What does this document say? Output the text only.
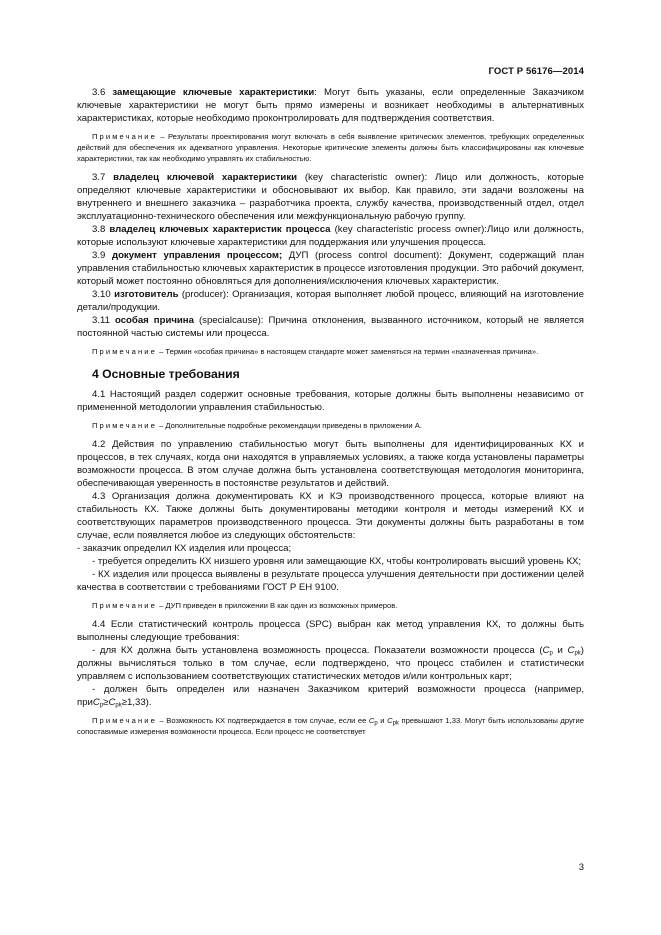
ГОСТ Р 56176—2014

3.6 замещающие ключевые характеристики: Могут быть указаны, если определенные Заказчиком ключевые характеристики не могут быть прямо измерены и возникает необходимы в альтернативных характеристиках, которые необходимо проконтролировать для подтверждения соответствия.

Примечание – Результаты проектирования могут включать в себя выявление критических элементов, требующих определенных действий для обеспечения их адекватного управления. Некоторые критические элементы должны быть классифицированы как ключевые характеристики, так как необходимо управлять их стабильностью.

3.7 владелец ключевой характеристики (key characteristic owner): Лицо или должность, которые определяют ключевые характеристики и обосновывают их выбор. Как правило, эти задачи возложены на внутреннего и внешнего заказчика – разработчика проекта, службу качества, производственный отдел, отдел эксплуатационно-технического обеспечения или межфункциональную рабочую группу.

3.8 владелец ключевых характеристик процесса (key characteristic process owner):Лицо или должность, которые используют ключевые характеристики для поддержания или улучшения процесса.

3.9 документ управления процессом; ДУП (process control document): Документ, содержащий план управления стабильностью ключевых характеристик в процессе изготовления продукции. Это рабочий документ, который может постоянно обновляться для дополнения/исключения ключевых характеристик.

3.10 изготовитель (producer): Организация, которая выполняет любой процесс, влияющий на изготовление детали/продукции.

3.11 особая причина (specialcause): Причина отклонения, вызванного источником, который не является постоянной частью системы или процесса.

Примечание – Термин «особая причина» в настоящем стандарте может заменяться на термин «назначенная причина».

4 Основные требования

4.1 Настоящий раздел содержит основные требования, которые должны быть выполнены независимо от примененной методологии управления стабильностью.

Примечание – Дополнительные подробные рекомендации приведены в приложении А.

4.2 Действия по управлению стабильностью могут быть выполнены для идентифицированных КХ и процессов, в тех случаях, когда они находятся в управляемых условиях, а также когда установлены параметры возможности процесса. В этом случае должна быть установлена соответствующая методология мониторинга, обеспечивающая уверенность в постоянстве результатов и действий.

4.3 Организация должна документировать КХ и КЭ производственного процесса, которые влияют на стабильность КХ. Также должны быть документированы методики контроля и методы измерений КХ и соответствующих параметров производственного процесса. Эти документы должны быть разработаны в том случае, если появляется любое из следующих обстоятельств:

- заказчик определил КХ изделия или процесса;

- требуется определить КХ низшего уровня или замещающие КХ, чтобы контролировать высший уровень КХ;

- КХ изделия или процесса выявлены в результате процесса улучшения деятельности при достижении целей качества в соответствии с требованиями ГОСТ Р ЕН 9100.

Примечание – ДУП приведен в приложении В как один из возможных примеров.

4.4 Если статистический контроль процесса (SPC) выбран как метод управления КХ, то должны быть выполнены следующие требования:

- для КХ должна быть установлена возможность процесса. Показатели возможности процесса ($C_p$ и $C_{pk}$) должны вычисляться только в том случае, если подтверждено, что процесс стабилен и статистически управляем с использованием соответствующих статистических методов и/или контрольных карт;

- должен быть определен или назначен Заказчиком критерий возможности процесса (например, $приC_p\ge C_{pk}\ge 1,33$).

Примечание – Возможность КХ подтверждается в том случае, если ее $C_p$ и $C_{pk}$ превышают 1,33. Могут быть использованы другие сопоставимые измерения возможности процесса. Если процесс не соответствует

3
